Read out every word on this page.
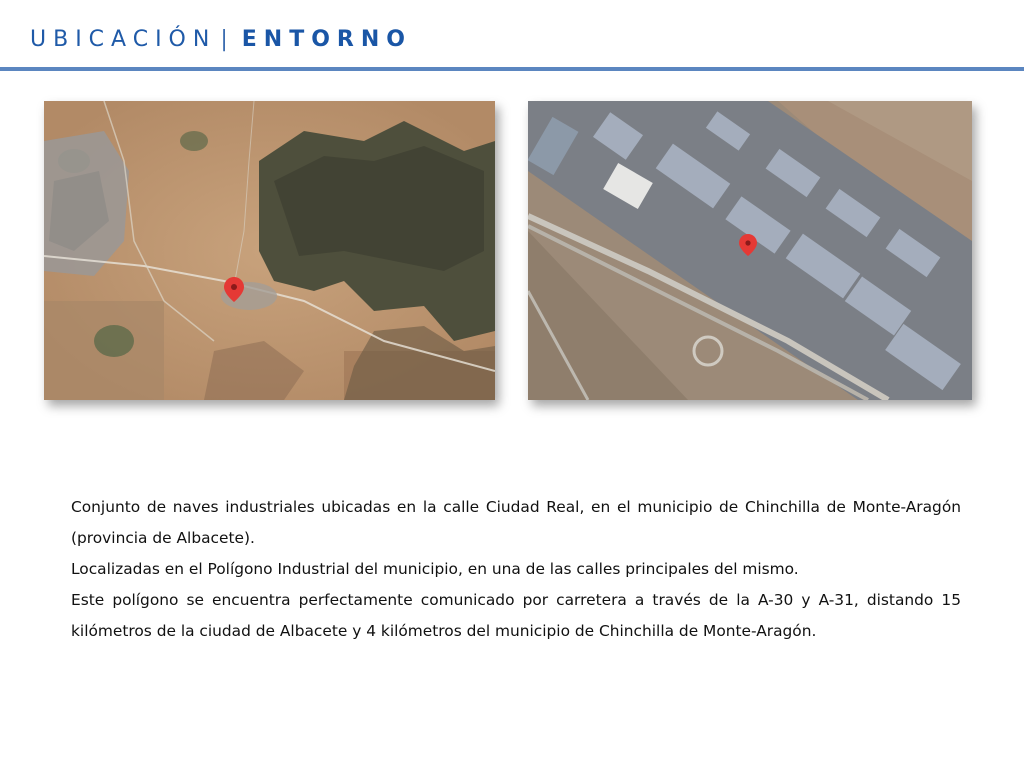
UBICACIÓN | ENTORNO

Conjunto de naves industriales ubicadas en la calle Ciudad Real, en el municipio de Chinchilla de Monte-Aragón (provincia de Albacete).

Localizadas en el Polígono Industrial del municipio, en una de las calles principales del mismo.

Este polígono se encuentra perfectamente comunicado por carretera a través de la A-30 y A-31, distando 15 kilómetros de la ciudad de Albacete y 4 kilómetros del municipio de Chinchilla de Monte-Aragón.
